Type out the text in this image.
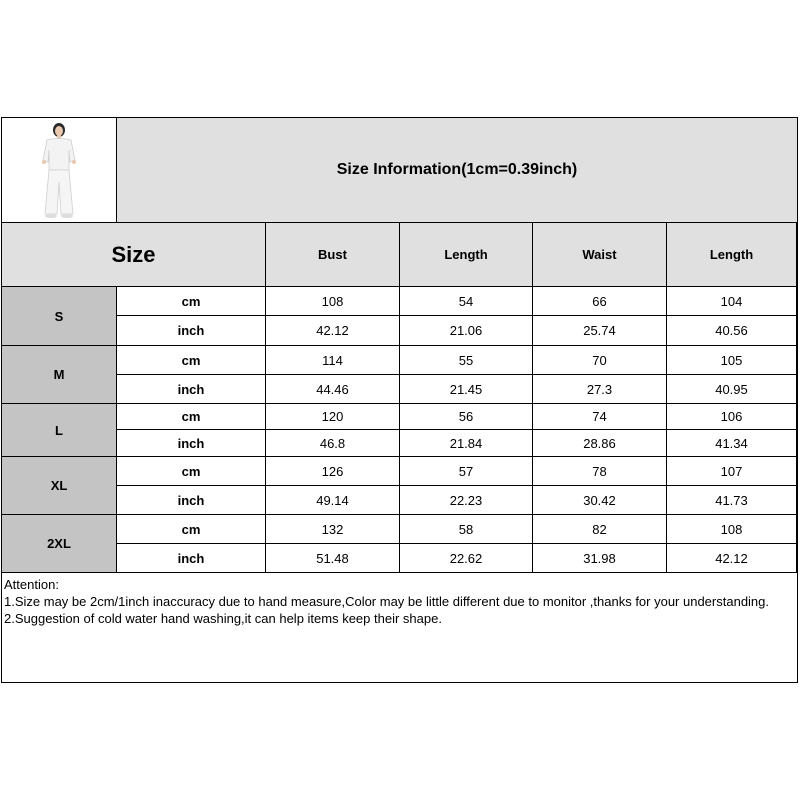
Size Information(1cm=0.39inch)
Size	Bust	Length	Waist	Length
S
cm	108	54	66	104
inch	42.12	21.06	25.74	40.56
M
cm	114	55	70	105
inch	44.46	21.45	27.3	40.95
L
cm	120	56	74	106
inch	46.8	21.84	28.86	41.34
XL
cm	126	57	78	107
inch	49.14	22.23	30.42	41.73
2XL
cm	132	58	82	108
inch	51.48	22.62	31.98	42.12
Attention:
1.Size may be 2cm/1inch inaccuracy due to hand measure,Color may be little different due to monitor ,thanks for your understanding.
2.Suggestion of cold water hand washing,it can help items keep their shape.
